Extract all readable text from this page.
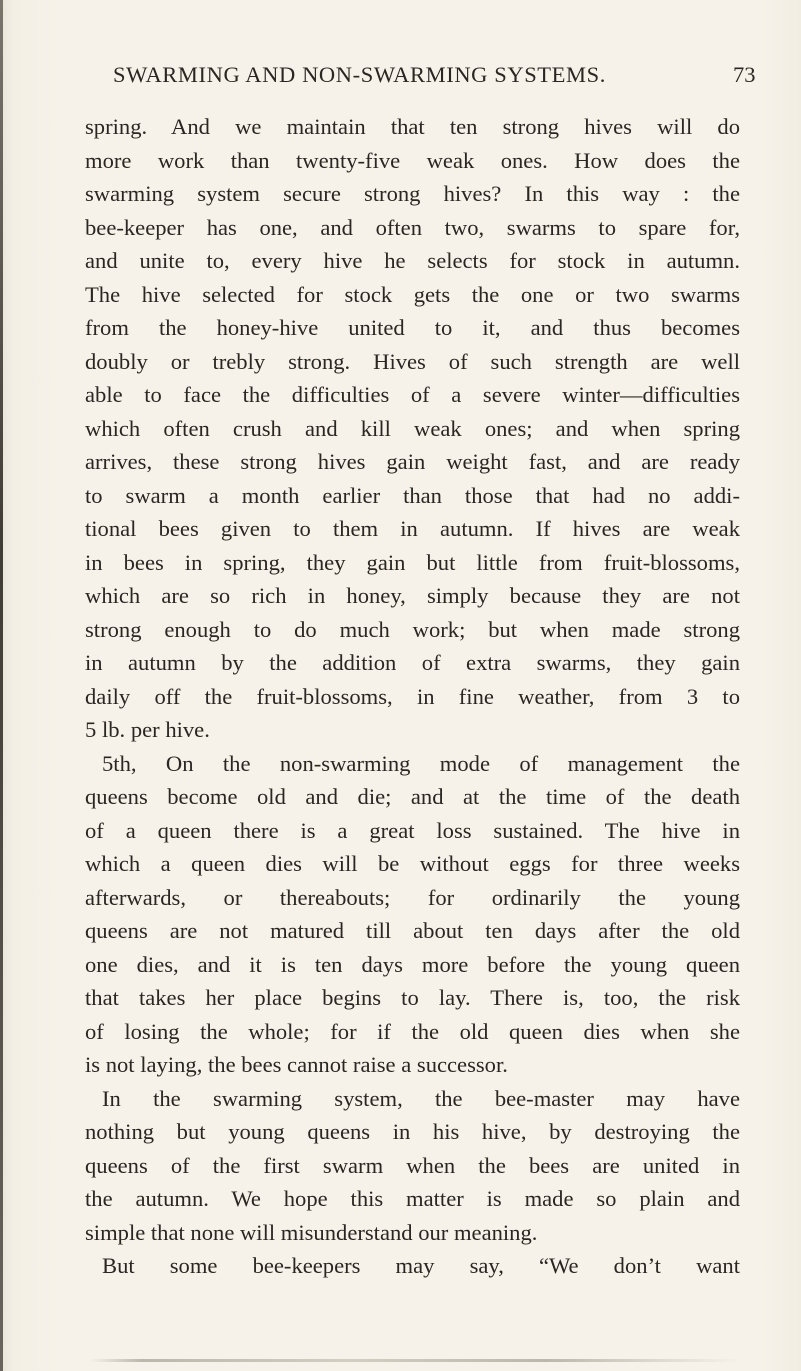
SWARMING AND NON-SWARMING SYSTEMS.	73
spring. And we maintain that ten strong hives will do
more work than twenty-five weak ones. How does the
swarming system secure strong hives? In this way : the
bee-keeper has one, and often two, swarms to spare for,
and unite to, every hive he selects for stock in autumn.
The hive selected for stock gets the one or two swarms
from the honey-hive united to it, and thus becomes
doubly or trebly strong. Hives of such strength are well
able to face the difficulties of a severe winter—difficulties
which often crush and kill weak ones; and when spring
arrives, these strong hives gain weight fast, and are ready
to swarm a month earlier than those that had no addi-
tional bees given to them in autumn. If hives are weak
in bees in spring, they gain but little from fruit-blossoms,
which are so rich in honey, simply because they are not
strong enough to do much work; but when made strong
in autumn by the addition of extra swarms, they gain
daily off the fruit-blossoms, in fine weather, from 3 to
5 lb. per hive.
5th, On the non-swarming mode of management the
queens become old and die; and at the time of the death
of a queen there is a great loss sustained. The hive in
which a queen dies will be without eggs for three weeks
afterwards, or thereabouts; for ordinarily the young
queens are not matured till about ten days after the old
one dies, and it is ten days more before the young queen
that takes her place begins to lay. There is, too, the risk
of losing the whole; for if the old queen dies when she
is not laying, the bees cannot raise a successor.
In the swarming system, the bee-master may have
nothing but young queens in his hive, by destroying the
queens of the first swarm when the bees are united in
the autumn. We hope this matter is made so plain and
simple that none will misunderstand our meaning.
But some bee-keepers may say, “We don’t want
